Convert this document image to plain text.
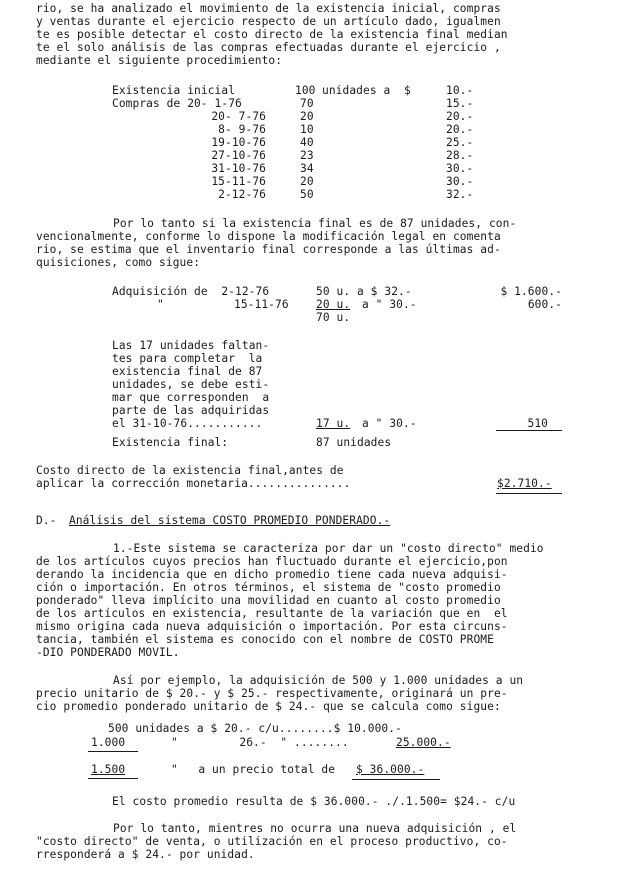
rio, se ha analizado el movimiento de la existencia inicial, compras
y ventas durante el ejercicio respecto de un artículo dado, igualmen
te es posible detectar el costo directo de la existencia final median
te el solo análisis de las compras efectuadas durante el ejercicio ,
mediante el siguiente procedimiento:
Existencia inicial	100 unidades a  $	10.-
Compras de 20- 1-76	70	15.-
20- 7-76	20	20.-
8- 9-76	10	20.-
19-10-76	40	25.-
27-10-76	23	28.-
31-10-76	34	30.-
15-11-76	20	30.-
2-12-76	50	32.-
Por lo tanto si la existencia final es de 87 unidades, con-
vencionalmente, conforme lo dispone la modificación legal en comenta
rio, se estima que el inventario final corresponde a las últimas ad-
quisiciones, como sigue:
Adquisición de  2-12-76	50 u. a $ 32.-	$ 1.600.-
"	15-11-76 20 u. a " 30.-	600.-
70 u.
Las 17 unidades faltan-
tes para completar  la
existencia final de 87
unidades, se debe esti-
mar que corresponden  a
parte de las adquiridas
el 31-10-76...........	17 u. a " 30.-	510
Existencia final:	87 unidades
Costo directo de la existencia final,antes de
aplicar la corrección monetaria...............	$2.710.-
D.- Análisis del sistema COSTO PROMEDIO PONDERADO.-
1.-Este sistema se caracteriza por dar un "costo directo" medio
de los artículos cuyos precios han fluctuado durante el ejercicio,pon
derando la incidencia que en dicho promedio tiene cada nueva adquisi-
ción o importación. En otros términos, el sistema de "costo promedio
ponderado" lleva implícito una movilidad en cuanto al costo promedio
de los artículos en existencia, resultante de la variación que en  el
mismo origina cada nueva adquisición o importación. Por esta circuns-
tancia, también el sistema es conocido con el nombre de COSTO PROME
-DIO PONDERADO MOVIL.
Así por ejemplo, la adquisición de 500 y 1.000 unidades a un
precio unitario de $ 20.- y $ 25.- respectivamente, originará un pre-
cio promedio ponderado unitario de $ 24.- que se calcula como sigue:
500 unidades a $ 20.- c/u........$ 10.000.-
1.000	"         26.-  " ........	25.000.-
1.500	"   a un precio total de $ 36.000.-
El costo promedio resulta de $ 36.000.- ./.1.500= $24.- c/u
Por lo tanto, mientres no ocurra una nueva adquisición , el
"costo directo" de venta, o utilización en el proceso productivo, co-
rresponderá a $ 24.- por unidad.
